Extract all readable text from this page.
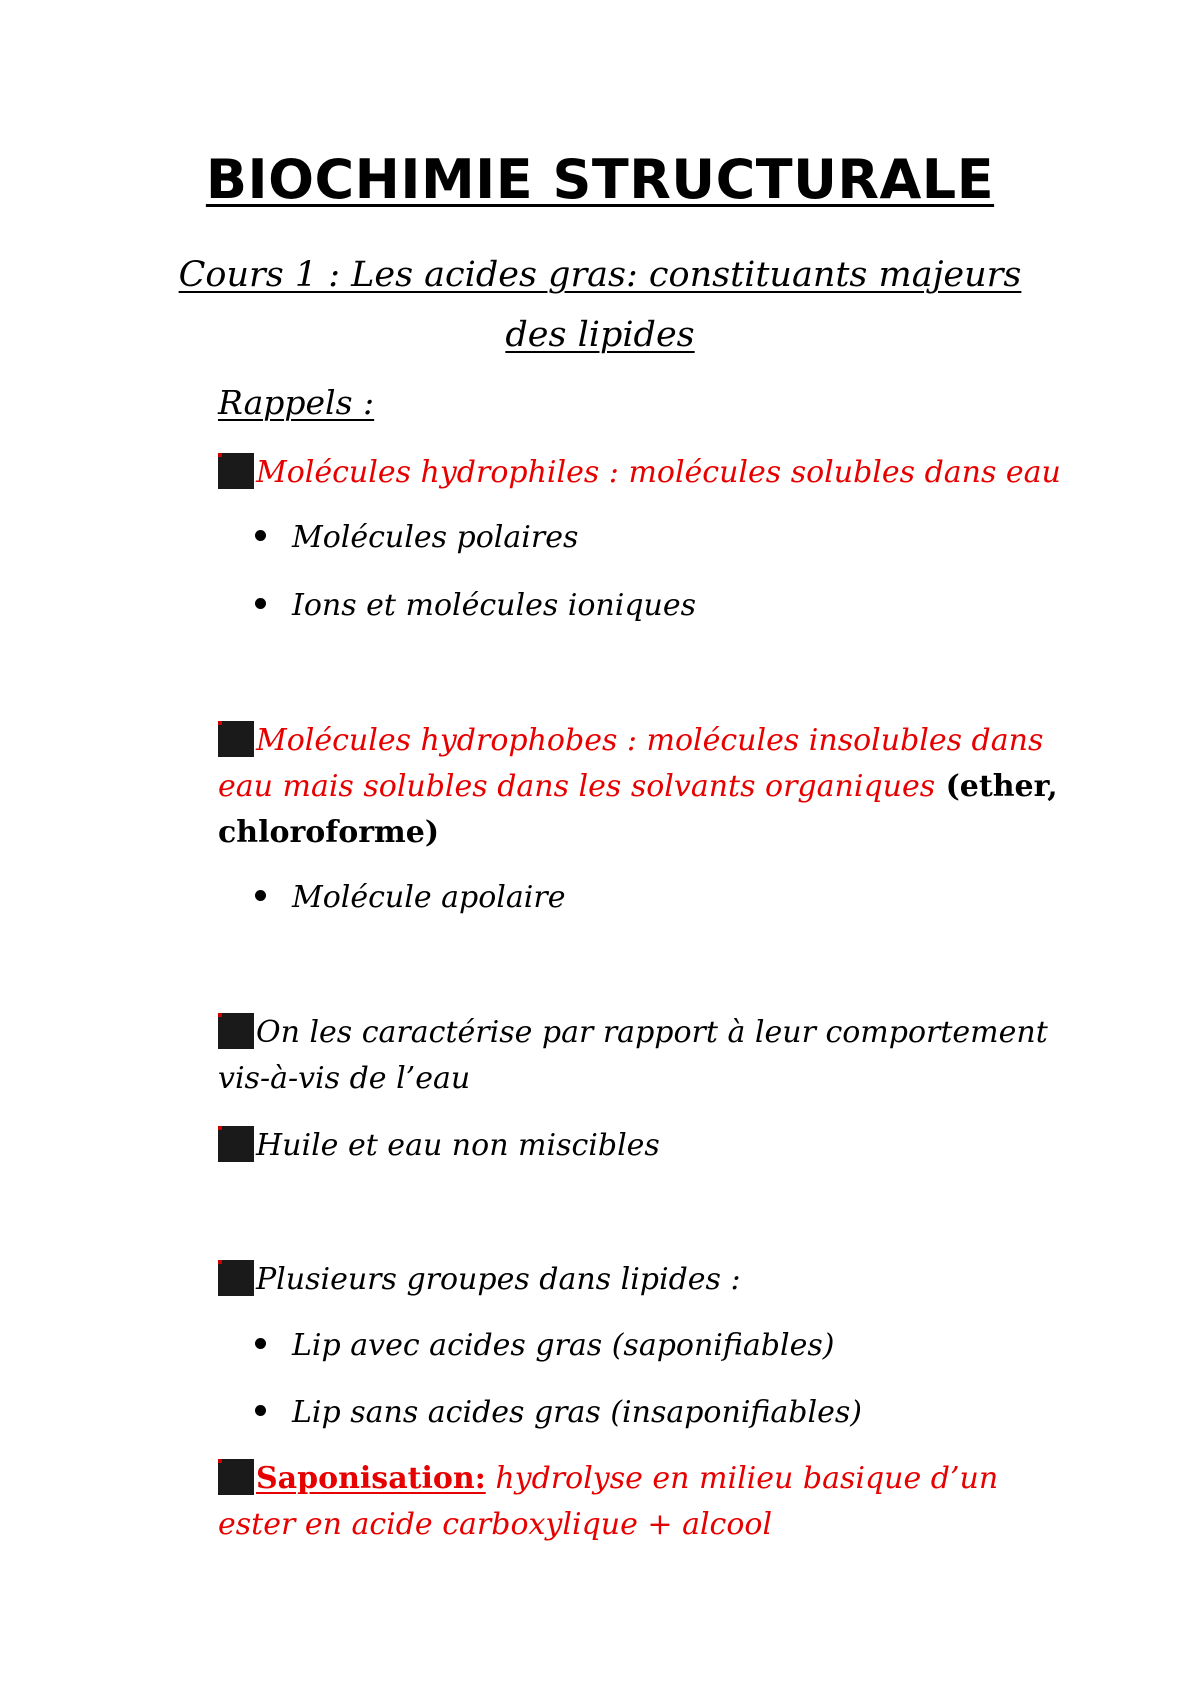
BIOCHIMIE STRUCTURALE
Cours 1 : Les acides gras: constituants majeurs des lipides
Rappels :
Molécules hydrophiles : molécules solubles dans eau
Molécules polaires
Ions et molécules ioniques
Molécules hydrophobes : molécules insolubles dans eau mais solubles dans les solvants organiques (ether, chloroforme)
Molécule apolaire
On les caractérise par rapport à leur comportement vis-à-vis de l’eau
Huile et eau non miscibles
Plusieurs groupes dans lipides :
Lip avec acides gras (saponifiables)
Lip sans acides gras (insaponifiables)
Saponisation: hydrolyse en milieu basique d’un ester en acide carboxylique + alcool
